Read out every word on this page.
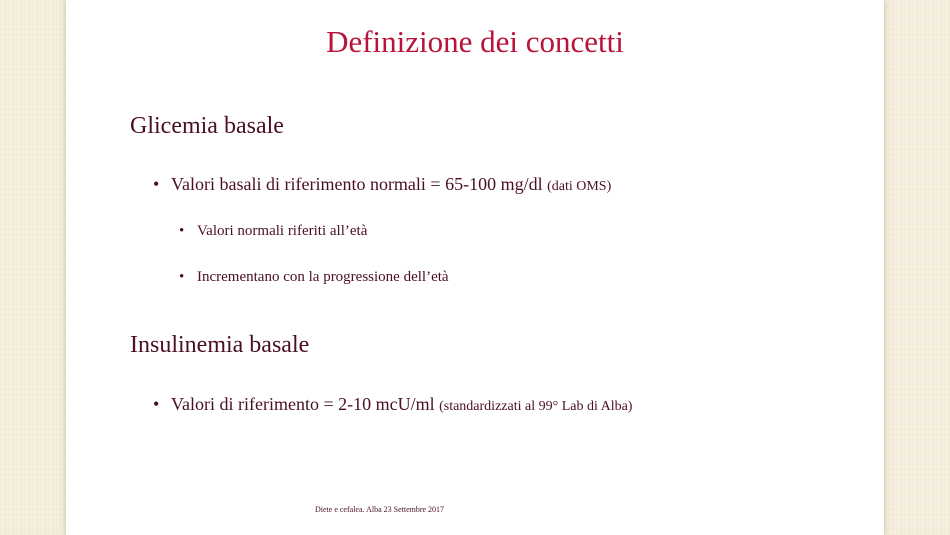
Definizione dei concetti
Glicemia basale
• Valori basali di riferimento normali = 65-100 mg/dl (dati OMS)
• Valori normali riferiti all’età
• Incrementano con la progressione dell’età
Insulinemia basale
• Valori di riferimento = 2-10 mcU/ml (standardizzati al 99° Lab di Alba)
Diete e cefalea. Alba 23 Settembre 2017
